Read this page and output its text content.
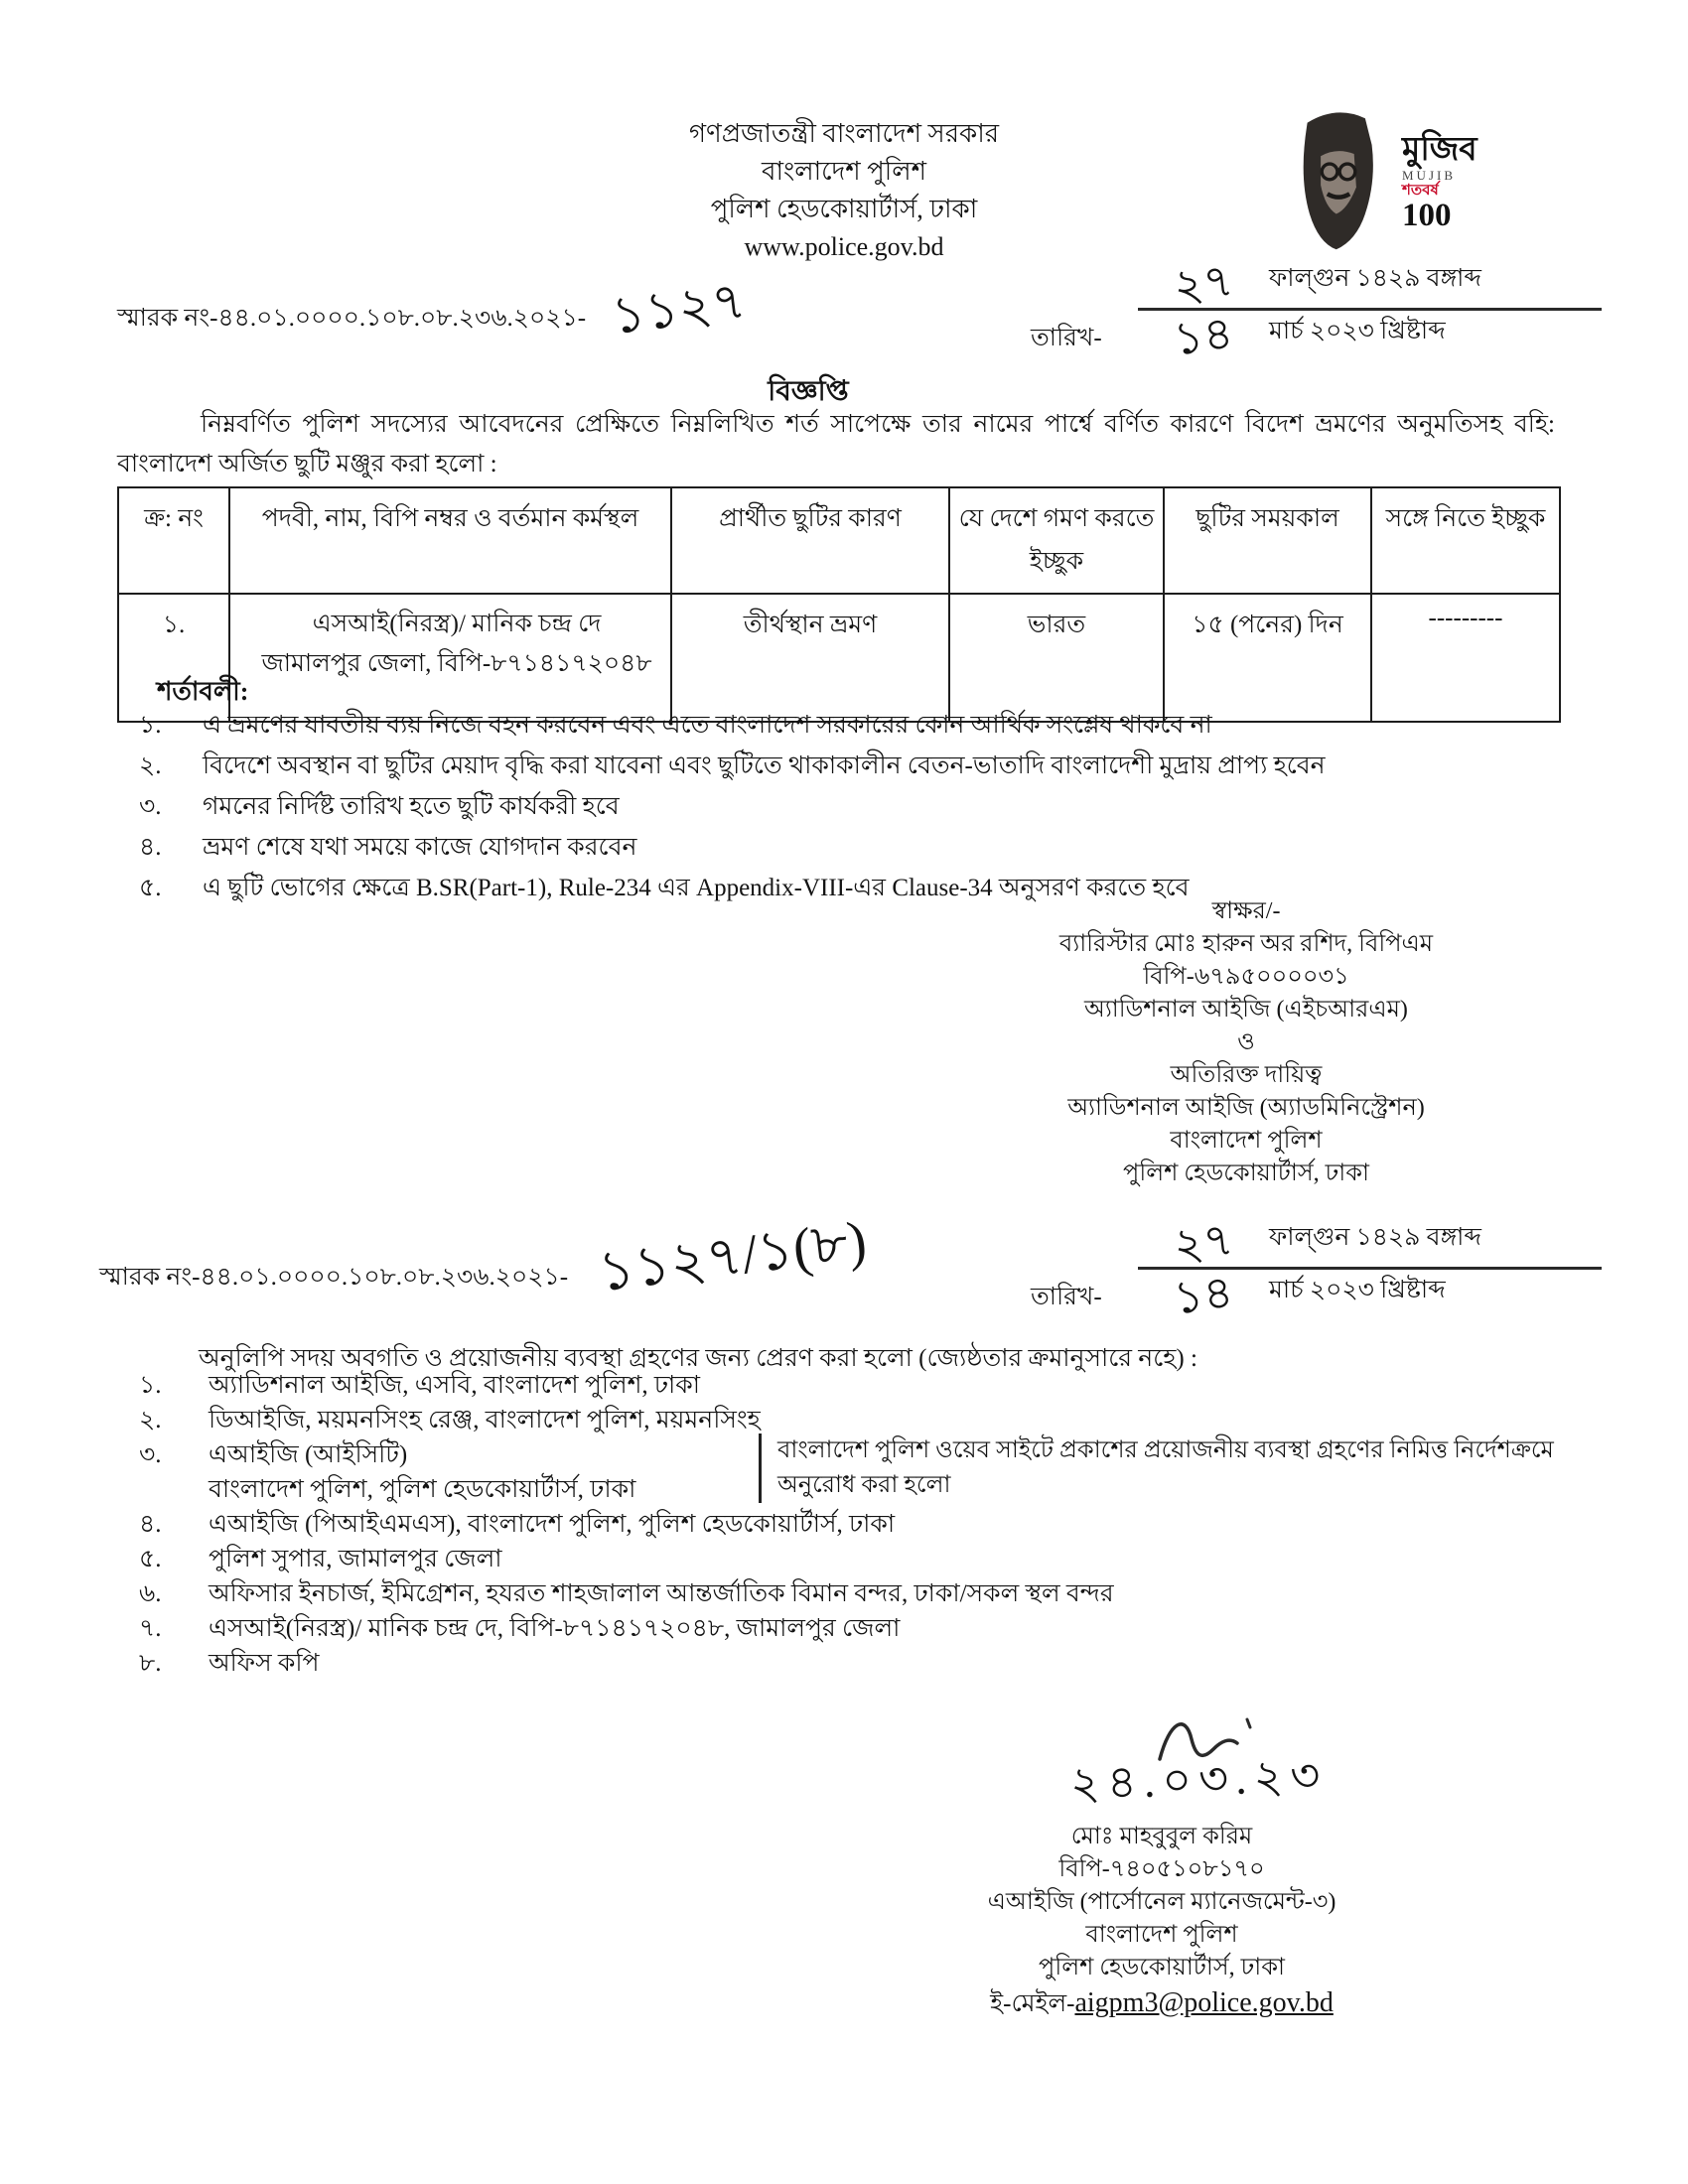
গণপ্রজাতন্ত্রী বাংলাদেশ সরকার
বাংলাদেশ পুলিশ
পুলিশ হেডকোয়ার্টার্স, ঢাকা
www.police.gov.bd
মুজিব
MUJIB
শতবর্ষ
100
স্মারক নং-৪৪.০১.০০০০.১০৮.০৮.২৩৬.২০২১- ১১২৭	তারিখ- ২৭	ফাল্গুন ১৪২৯ বঙ্গাব্দ
১৪	মার্চ ২০২৩ খ্রিষ্টাব্দ
বিজ্ঞপ্তি
নিম্নবর্ণিত পুলিশ সদস্যের আবেদনের প্রেক্ষিতে নিম্নলিখিত শর্ত সাপেক্ষে তার নামের পার্শ্বে বর্ণিত কারণে বিদেশ ভ্রমণের অনুমতিসহ বহি: বাংলাদেশ অর্জিত ছুটি মঞ্জুর করা হলো :
ক্র: নং	পদবী, নাম, বিপি নম্বর ও বর্তমান কর্মস্থল	প্রার্থীত ছুটির কারণ	যে দেশে গমণ করতে ইচ্ছুক	ছুটির সময়কাল	সঙ্গে নিতে ইচ্ছুক
১.	এসআই(নিরস্ত্র)/ মানিক চন্দ্র দে
জামালপুর জেলা, বিপি-৮৭১৪১৭২০৪৮	তীর্থস্থান ভ্রমণ	ভারত	১৫ (পনের) দিন	---------
শর্তাবলী:
১.	এ ভ্রমণের যাবতীয় ব্যয় নিজে বহন করবেন এবং এতে বাংলাদেশ সরকারের কোন আর্থিক সংশ্লেষ থাকবে না
২.	বিদেশে অবস্থান বা ছুটির মেয়াদ বৃদ্ধি করা যাবেনা এবং ছুটিতে থাকাকালীন বেতন-ভাতাদি বাংলাদেশী মুদ্রায় প্রাপ্য হবেন
৩.	গমনের নির্দিষ্ট তারিখ হতে ছুটি কার্যকরী হবে
৪.	ভ্রমণ শেষে যথা সময়ে কাজে যোগদান করবেন
৫.	এ ছুটি ভোগের ক্ষেত্রে B.SR(Part-1), Rule-234 এর Appendix-VIII-এর Clause-34 অনুসরণ করতে হবে
স্বাক্ষর/-
ব্যারিস্টার মোঃ হারুন অর রশিদ, বিপিএম
বিপি-৬৭৯৫০০০০৩১
অ্যাডিশনাল আইজি (এইচআরএম)
ও
অতিরিক্ত দায়িত্ব
অ্যাডিশনাল আইজি (অ্যাডমিনিস্ট্রেশন)
বাংলাদেশ পুলিশ
পুলিশ হেডকোয়ার্টার্স, ঢাকা
স্মারক নং-৪৪.০১.০০০০.১০৮.০৮.২৩৬.২০২১- ১১২৭/১(৮)	তারিখ- ২৭	ফাল্গুন ১৪২৯ বঙ্গাব্দ
১৪	মার্চ ২০২৩ খ্রিষ্টাব্দ
অনুলিপি সদয় অবগতি ও প্রয়োজনীয় ব্যবস্থা গ্রহণের জন্য প্রেরণ করা হলো (জ্যেষ্ঠতার ক্রমানুসারে নহে) :
১.	অ্যাডিশনাল আইজি, এসবি, বাংলাদেশ পুলিশ, ঢাকা
২.	ডিআইজি, ময়মনসিংহ রেঞ্জ, বাংলাদেশ পুলিশ, ময়মনসিংহ
৩.	এআইজি (আইসিটি)
বাংলাদেশ পুলিশ, পুলিশ হেডকোয়ার্টার্স, ঢাকা
৪.	এআইজি (পিআইএমএস), বাংলাদেশ পুলিশ, পুলিশ হেডকোয়ার্টার্স, ঢাকা
৫.	পুলিশ সুপার, জামালপুর জেলা
৬.	অফিসার ইনচার্জ, ইমিগ্রেশন, হযরত শাহজালাল আন্তর্জাতিক বিমান বন্দর, ঢাকা/সকল স্থল বন্দর
৭.	এসআই(নিরস্ত্র)/ মানিক চন্দ্র দে, বিপি-৮৭১৪১৭২০৪৮, জামালপুর জেলা
৮.	অফিস কপি
বাংলাদেশ পুলিশ ওয়েব সাইটে প্রকাশের প্রয়োজনীয় ব্যবস্থা গ্রহণের নিমিত্ত নির্দেশক্রমে
অনুরোধ করা হলো
২৪.০৩.২৩
মোঃ মাহবুবুল করিম
বিপি-৭৪০৫১০৮১৭০
এআইজি (পার্সোনেল ম্যানেজমেন্ট-৩)
বাংলাদেশ পুলিশ
পুলিশ হেডকোয়ার্টার্স, ঢাকা
ই-মেইল-aigpm3@police.gov.bd
